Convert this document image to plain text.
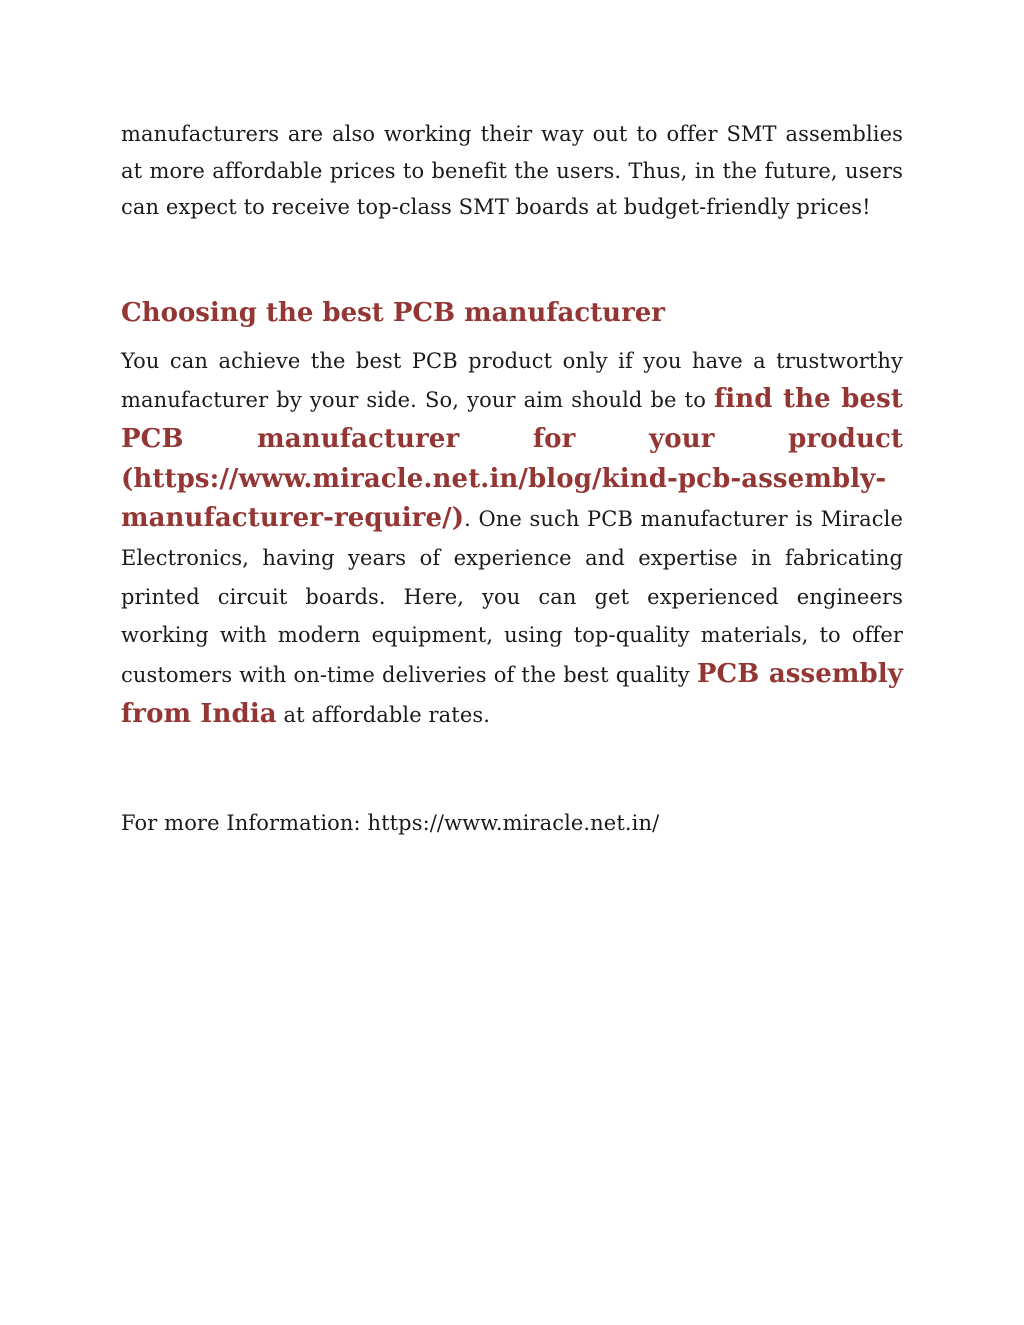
manufacturers are also working their way out to offer SMT assemblies at more affordable prices to benefit the users. Thus, in the future, users can expect to receive top-class SMT boards at budget-friendly prices!

Choosing the best PCB manufacturer

You can achieve the best PCB product only if you have a trustworthy manufacturer by your side. So, your aim should be to find the best PCB manufacturer for your product (https://www.miracle.net.in/blog/kind-pcb-assembly-manufacturer-require/). One such PCB manufacturer is Miracle Electronics, having years of experience and expertise in fabricating printed circuit boards. Here, you can get experienced engineers working with modern equipment, using top-quality materials, to offer customers with on-time deliveries of the best quality PCB assembly from India at affordable rates.

For more Information: https://www.miracle.net.in/
